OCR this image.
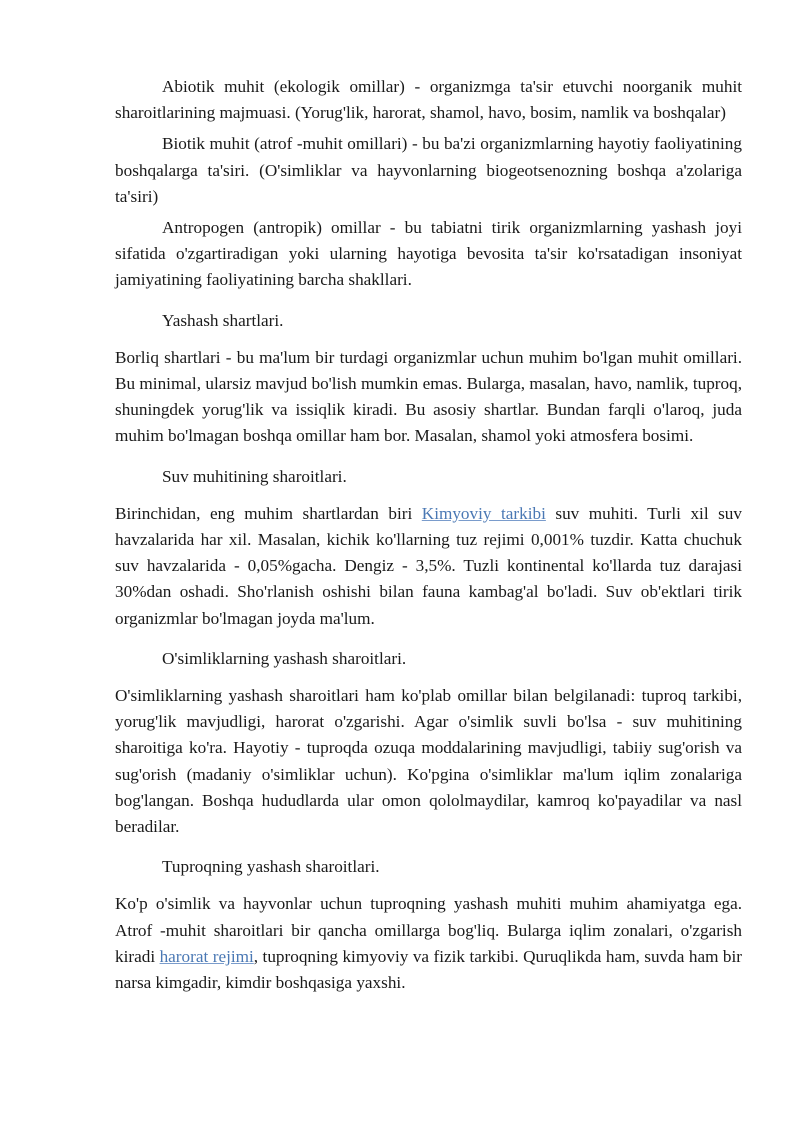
Abiotik muhit (ekologik omillar) - organizmga ta'sir etuvchi noorganik muhit sharoitlarining majmuasi. (Yorug'lik, harorat, shamol, havo, bosim, namlik va boshqalar)

Biotik muhit (atrof -muhit omillari) - bu ba'zi organizmlarning hayotiy faoliyatining boshqalarga ta'siri. (O'simliklar va hayvonlarning biogeotsenozning boshqa a'zolariga ta'siri)

Antropogen (antropik) omillar - bu tabiatni tirik organizmlarning yashash joyi sifatida o'zgartiradigan yoki ularning hayotiga bevosita ta'sir ko'rsatadigan insoniyat jamiyatining faoliyatining barcha shakllari.

Yashash shartlari.

Borliq shartlari - bu ma'lum bir turdagi organizmlar uchun muhim bo'lgan muhit omillari. Bu minimal, ularsiz mavjud bo'lish mumkin emas. Bularga, masalan, havo, namlik, tuproq, shuningdek yorug'lik va issiqlik kiradi. Bu asosiy shartlar. Bundan farqli o'laroq, juda muhim bo'lmagan boshqa omillar ham bor. Masalan, shamol yoki atmosfera bosimi.

Suv muhitining sharoitlari.

Birinchidan, eng muhim shartlardan biri Kimyoviy tarkibi suv muhiti. Turli xil suv havzalarida har xil. Masalan, kichik ko'llarning tuz rejimi 0,001% tuzdir. Katta chuchuk suv havzalarida - 0,05%gacha. Dengiz - 3,5%. Tuzli kontinental ko'llarda tuz darajasi 30%dan oshadi. Sho'rlanish oshishi bilan fauna kambag'al bo'ladi. Suv ob'ektlari tirik organizmlar bo'lmagan joyda ma'lum.

O'simliklarning yashash sharoitlari.

O'simliklarning yashash sharoitlari ham ko'plab omillar bilan belgilanadi: tuproq tarkibi, yorug'lik mavjudligi, harorat o'zgarishi. Agar o'simlik suvli bo'lsa - suv muhitining sharoitiga ko'ra. Hayotiy - tuproqda ozuqa moddalarining mavjudligi, tabiiy sug'orish va sug'orish (madaniy o'simliklar uchun). Ko'pgina o'simliklar ma'lum iqlim zonalariga bog'langan. Boshqa hududlarda ular omon qololmaydilar, kamroq ko'payadilar va nasl beradilar.

Tuproqning yashash sharoitlari.

Ko'p o'simlik va hayvonlar uchun tuproqning yashash muhiti muhim ahamiyatga ega. Atrof -muhit sharoitlari bir qancha omillarga bog'liq. Bularga iqlim zonalari, o'zgarish kiradi harorat rejimi, tuproqning kimyoviy va fizik tarkibi. Quruqlikda ham, suvda ham bir narsa kimgadir, kimdir boshqasiga yaxshi.
